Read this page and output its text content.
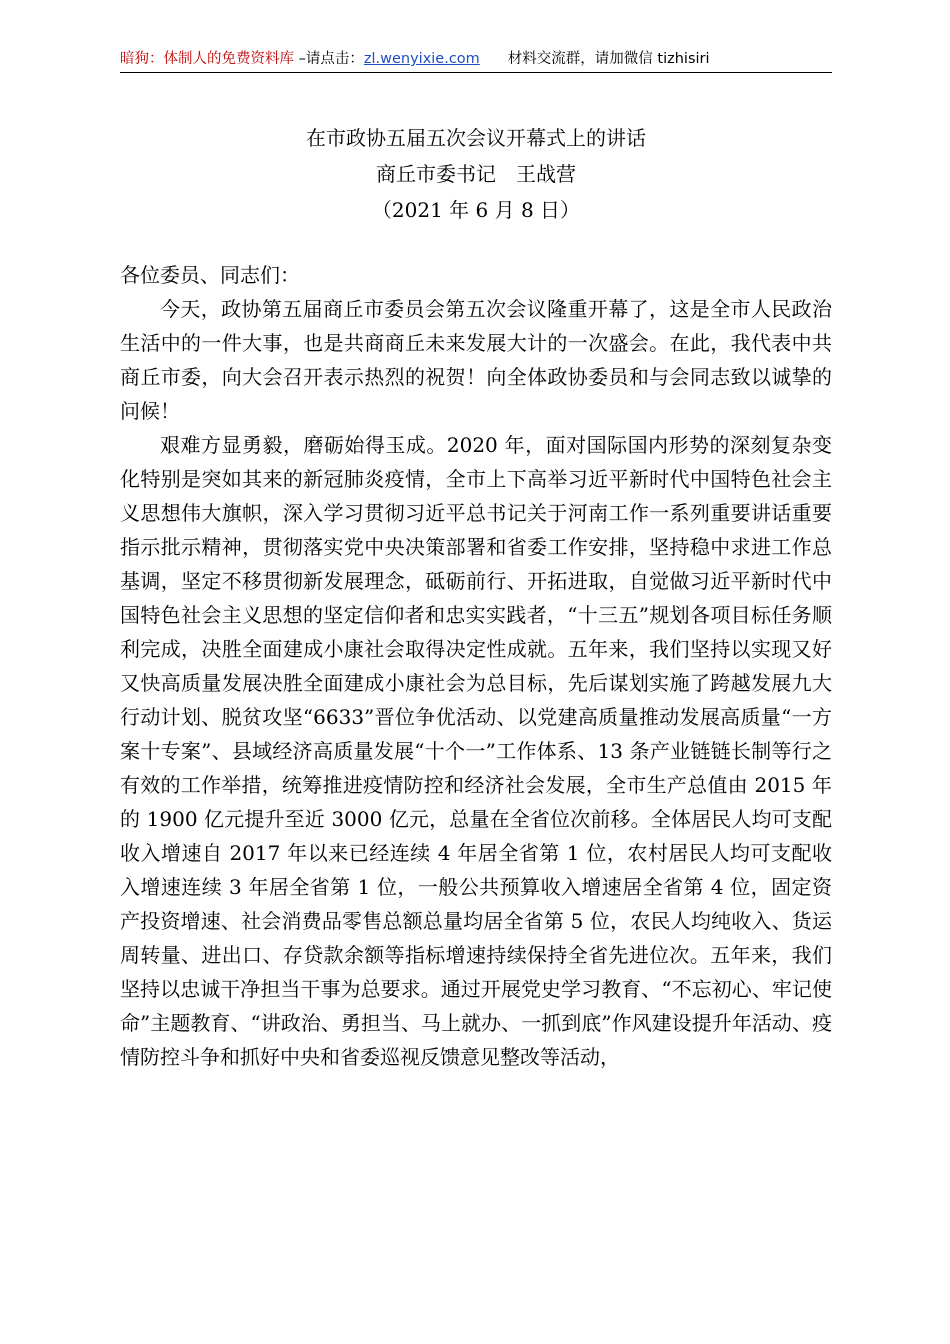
暗狗：体制人的免费资料库 –请点击：zl.wenyixie.com 材料交流群，请加微信 tizhisiri
在市政协五届五次会议开幕式上的讲话
商丘市委书记 王战营
（2021 年 6 月 8 日）

各位委员、同志们：

今天，政协第五届商丘市委员会第五次会议隆重开幕了，这是全市人民政治生活中的一件大事，也是共商商丘未来发展大计的一次盛会。在此，我代表中共商丘市委，向大会召开表示热烈的祝贺！向全体政协委员和与会同志致以诚挚的问候！

艰难方显勇毅，磨砺始得玉成。2020 年，面对国际国内形势的深刻复杂变化特别是突如其来的新冠肺炎疫情，全市上下高举习近平新时代中国特色社会主义思想伟大旗帜，深入学习贯彻习近平总书记关于河南工作一系列重要讲话重要指示批示精神，贯彻落实党中央决策部署和省委工作安排，坚持稳中求进工作总基调，坚定不移贯彻新发展理念，砥砺前行、开拓进取，自觉做习近平新时代中国特色社会主义思想的坚定信仰者和忠实实践者，“十三五”规划各项目标任务顺利完成，决胜全面建成小康社会取得决定性成就。五年来，我们坚持以实现又好又快高质量发展决胜全面建成小康社会为总目标，先后谋划实施了跨越发展九大行动计划、脱贫攻坚“6633”晋位争优活动、以党建高质量推动发展高质量“一方案十专案”、县域经济高质量发展“十个一”工作体系、13 条产业链链长制等行之有效的工作举措，统筹推进疫情防控和经济社会发展，全市生产总值由 2015 年的 1900 亿元提升至近 3000 亿元，总量在全省位次前移。全体居民人均可支配收入增速自 2017 年以来已经连续 4 年居全省第 1 位，农村居民人均可支配收入增速连续 3 年居全省第 1 位，一般公共预算收入增速居全省第 4 位，固定资产投资增速、社会消费品零售总额总量均居全省第 5 位，农民人均纯收入、货运周转量、进出口、存贷款余额等指标增速持续保持全省先进位次。五年来，我们坚持以忠诚干净担当干事为总要求。通过开展党史学习教育、“不忘初心、牢记使命”主题教育、“讲政治、勇担当、马上就办、一抓到底”作风建设提升年活动、疫情防控斗争和抓好中央和省委巡视反馈意见整改等活动，
